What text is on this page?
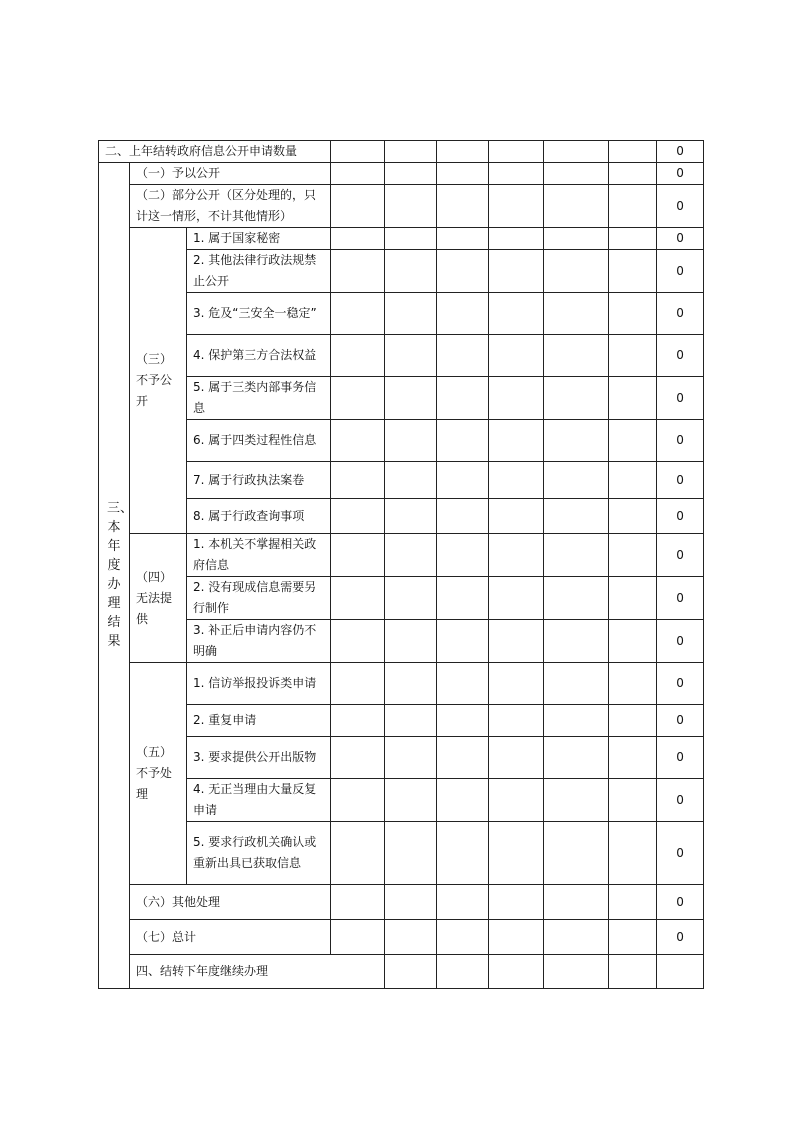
二、上年结转政府信息公开申请数量									0	
三、本年度办理结果	（一）予以公开								0	
	（二）部分公开（区分处理的，只计这一情形，不计其他情形）								0	
	（三）不予公开	1. 属于国家秘密							0	
		2. 其他法律行政法规禁止公开							0	
		3. 危及“三安全一稳定”							0	
		4. 保护第三方合法权益							0	
		5. 属于三类内部事务信息							0	
		6. 属于四类过程性信息							0	
		7. 属于行政执法案卷							0	
		8. 属于行政查询事项							0	
	（四）无法提供	1. 本机关不掌握相关政府信息							0	
		2. 没有现成信息需要另行制作							0	
		3. 补正后申请内容仍不明确							0	
	（五）不予处理	1. 信访举报投诉类申请							0	
		2. 重复申请							0	
		3. 要求提供公开出版物							0	
		4. 无正当理由大量反复申请							0	
		5. 要求行政机关确认或重新出具已获取信息							0	
	（六）其他处理								0	
	（七）总计								0	
	四、结转下年度继续办理							
